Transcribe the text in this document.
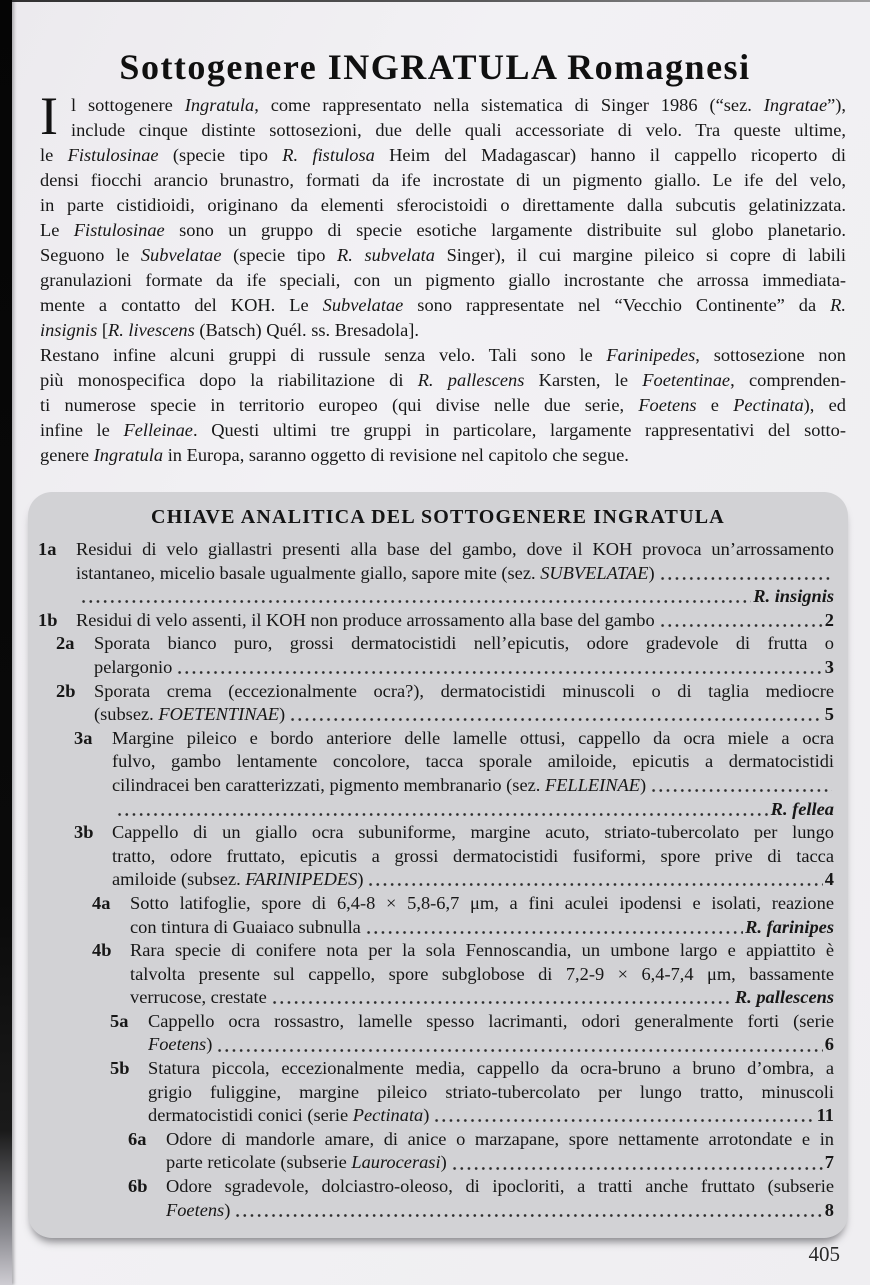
Sottogenere INGRATULA Romagnesi
I l sottogenere Ingratula, come rappresentato nella sistematica di Singer 1986 (“sez. Ingratae”),
include cinque distinte sottosezioni, due delle quali accessoriate di velo. Tra queste ultime,
le Fistulosinae (specie tipo R. fistulosa Heim del Madagascar) hanno il cappello ricoperto di
densi fiocchi arancio brunastro, formati da ife incrostate di un pigmento giallo. Le ife del velo,
in parte cistidioidi, originano da elementi sferocistoidi o direttamente dalla subcutis gelatinizzata.
Le Fistulosinae sono un gruppo di specie esotiche largamente distribuite sul globo planetario.
Seguono le Subvelatae (specie tipo R. subvelata Singer), il cui margine pileico si copre di labili
granulazioni formate da ife speciali, con un pigmento giallo incrostante che arrossa immediata-
mente a contatto del KOH. Le Subvelatae sono rappresentate nel “Vecchio Continente” da R.
insignis [R. livescens (Batsch) Quél. ss. Bresadola].
Restano infine alcuni gruppi di russule senza velo. Tali sono le Farinipedes, sottosezione non
più monospecifica dopo la riabilitazione di R. pallescens Karsten, le Foetentinae, comprenden-
ti numerose specie in territorio europeo (qui divise nelle due serie, Foetens e Pectinata), ed
infine le Felleinae. Questi ultimi tre gruppi in particolare, largamente rappresentativi del sotto-
genere Ingratula in Europa, saranno oggetto di revisione nel capitolo che segue.
CHIAVE ANALITICA DEL SOTTOGENERE INGRATULA
1a Residui di velo giallastri presenti alla base del gambo, dove il KOH provoca un’arrossamento
istantaneo, micelio basale ugualmente giallo, sapore mite (sez. SUBVELATAE)
R. insignis
1b Residui di velo assenti, il KOH non produce arrossamento alla base del gambo	2
2a Sporata bianco puro, grossi dermatocistidi nell’epicutis, odore gradevole di frutta o
pelargonio	3
2b Sporata crema (eccezionalmente ocra?), dermatocistidi minuscoli o di taglia mediocre
(subsez. FOETENTINAE)	5
3a Margine pileico e bordo anteriore delle lamelle ottusi, cappello da ocra miele a ocra
fulvo, gambo lentamente concolore, tacca sporale amiloide, epicutis a dermatocistidi
cilindracei ben caratterizzati, pigmento membranario (sez. FELLEINAE)
R. fellea
3b Cappello di un giallo ocra subuniforme, margine acuto, striato-tubercolato per lungo
tratto, odore fruttato, epicutis a grossi dermatocistidi fusiformi, spore prive di tacca
amiloide (subsez. FARINIPEDES)	4
4a Sotto latifoglie, spore di 6,4-8 × 5,8-6,7 μm, a fini aculei ipodensi e isolati, reazione
con tintura di Guaiaco subnulla	R. farinipes
4b Rara specie di conifere nota per la sola Fennoscandia, un umbone largo e appiattito è
talvolta presente sul cappello, spore subglobose di 7,2-9 × 6,4-7,4 μm, bassamente
verrucose, crestate	R. pallescens
5a Cappello ocra rossastro, lamelle spesso lacrimanti, odori generalmente forti (serie
Foetens)	6
5b Statura piccola, eccezionalmente media, cappello da ocra-bruno a bruno d’ombra, a
grigio fuliggine, margine pileico striato-tubercolato per lungo tratto, minuscoli
dermatocistidi conici (serie Pectinata)	11
6a Odore di mandorle amare, di anice o marzapane, spore nettamente arrotondate e in
parte reticolate (subserie Laurocerasi)	7
6b Odore sgradevole, dolciastro-oleoso, di ipocloriti, a tratti anche fruttato (subserie
Foetens)	8
405
